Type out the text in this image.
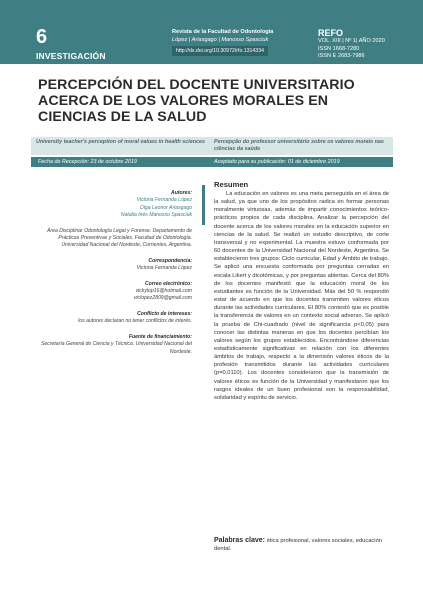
6
INVESTIGACIÓN
Revista de la Facultad de Odontología
López | Ariasgago | Manosso Spasciuk
http://dx.doi.org/10.30972/rfo.1314334
REFO
VOL. XIII | Nº 1| AÑO 2020
ISSN 1668-7280
ISSN E 2683-7986
PERCEPCIÓN DEL DOCENTE UNIVERSITARIO ACERCA DE LOS VALORES MORALES EN CIENCIAS DE LA SALUD
University teacher's perception of moral values in health sciences Percepção do professor universitário sobre os valores morais nas ciências da saúde
Fecha de Recepción: 23 de octubre 2019	Aceptado para su publicación: 01 de diciembre 2019
Autores:
Victoria Fernanda López
Olga Leonor Ariasgago
Natalia Inés Manosso Spasciuk
Área Disciplinar Odontología Legal y Forense. Departamento de Prácticas Preventivas y Sociales. Facultad de Odontología. Universidad Nacional del Nordeste, Corrientes, Argentina.
Correspondencia:
Victoria Fernanda López
Correo electrónico:
vickylop16@hotmail.com
viclopez2809@gmail.com
Conflicto de intereses:
los autores declaran no tener conflictos de interés.
Fuente de financiamiento:
Secretaría General de Ciencia y Técnica. Universidad Nacional del Nordeste.
Resumen
La educación en valores es una meta perseguida en el área de la salud, ya que uno de los propósitos radica en formar personas moralmente virtuosas, además de impartir conocimientos teórico-prácticos propios de cada disciplina. Analizar la percepción del docente acerca de los valores morales en la educación superior en ciencias de la salud. Se realizó un estudio descriptivo, de corte transversal y no experimental. La muestra estuvo conformada por 60 docentes de la Universidad Nacional del Nordeste, Argentina. Se establecieron tres grupos: Ciclo curricular, Edad y Ámbito de trabajo. Se aplicó una encuesta conformada por preguntas cerradas en escala Likert y dicotómicas, y por preguntas abiertas. Cerca del 80% de los docentes manifestó que la educación moral de los estudiantes es función de la Universidad. Más del 50 % respondió estar de acuerdo en que los docentes transmiten valores éticos durante las actividades curriculares. El 80% contestó que es posible la transferencia de valores en un contexto social adverso. Se aplicó la prueba de Chi-cuadrado (nivel de significancia p<0,05) para conocer las distintas maneras en que los docentes percibían los valores según los grupos establecidos. Encontrándose diferencias estadísticamente significativas en relación con los diferentes ámbitos de trabajo, respecto a la dimensión valores éticos de la profesión transmitidos durante las actividades curriculares (p=0,0110). Los docentes consideraron que la transmisión de valores éticos es función de la Universidad y manifestaron que los rasgos ideales de un buen profesional son la responsabilidad, solidaridad y espíritu de servicio.
Palabras clave: ética profesional, valores sociales, educación dental.
